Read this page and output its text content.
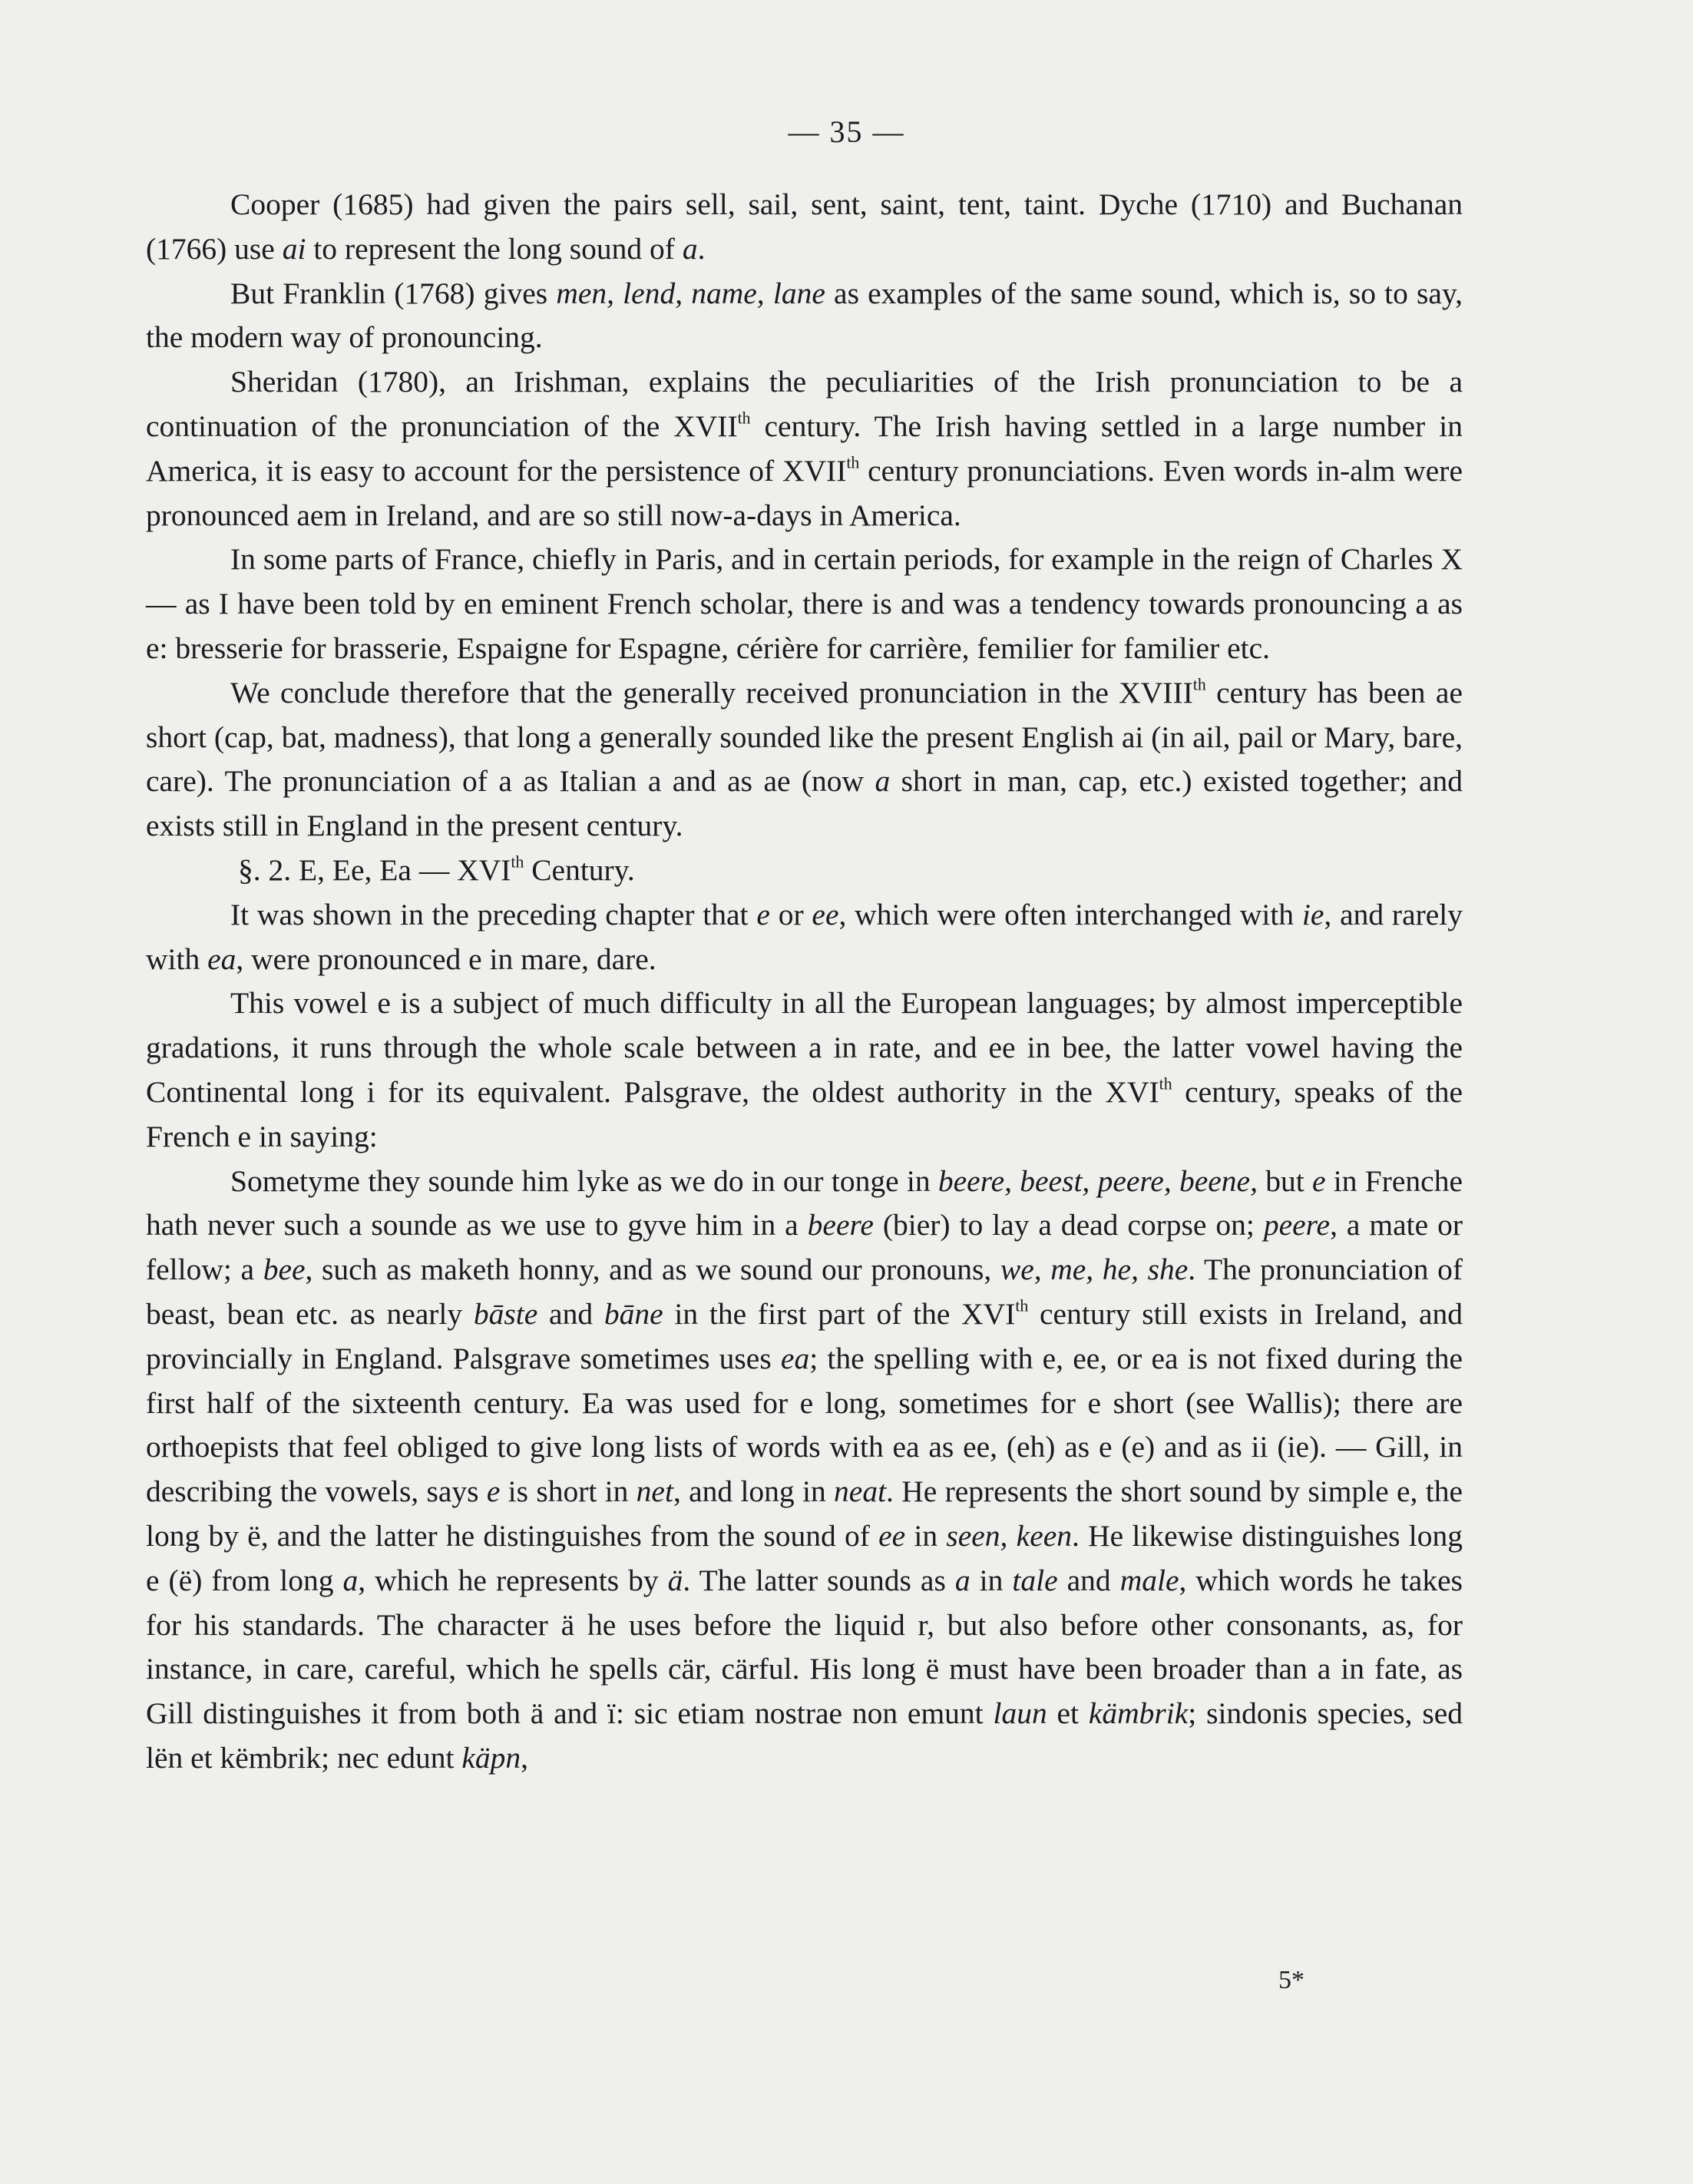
— 35 —

Cooper (1685) had given the pairs sell, sail, sent, saint, tent, taint. Dyche (1710) and Buchanan (1766) use ai to represent the long sound of a.

But Franklin (1768) gives men, lend, name, lane as examples of the same sound, which is, so to say, the modern way of pronouncing.

Sheridan (1780), an Irishman, explains the peculiarities of the Irish pronunciation to be a continuation of the pronunciation of the XVIIth century. The Irish having settled in a large number in America, it is easy to account for the persistence of XVIIth century pronunciations. Even words in-alm were pronounced aem in Ireland, and are so still now-a-days in America.

In some parts of France, chiefly in Paris, and in certain periods, for example in the reign of Charles X — as I have been told by en eminent French scholar, there is and was a tendency towards pronouncing a as e: bresserie for brasserie, Espaigne for Espagne, cérière for carrière, femilier for familier etc.

We conclude therefore that the generally received pronunciation in the XVIIIth century has been ae short (cap, bat, madness), that long a generally sounded like the present English ai (in ail, pail or Mary, bare, care). The pronunciation of a as Italian a and as ae (now a short in man, cap, etc.) existed together; and exists still in England in the present century.

§. 2. E, Ee, Ea — XVIth Century.

It was shown in the preceding chapter that e or ee, which were often interchanged with ie, and rarely with ea, were pronounced e in mare, dare.

This vowel e is a subject of much difficulty in all the European languages; by almost imperceptible gradations, it runs through the whole scale between a in rate, and ee in bee, the latter vowel having the Continental long i for its equivalent. Palsgrave, the oldest authority in the XVIth century, speaks of the French e in saying:

Sometyme they sounde him lyke as we do in our tonge in beere, beest, peere, beene, but e in Frenche hath never such a sounde as we use to gyve him in a beere (bier) to lay a dead corpse on; peere, a mate or fellow; a bee, such as maketh honny, and as we sound our pronouns, we, me, he, she. The pronunciation of beast, bean etc. as nearly bāste and bāne in the first part of the XVIth century still exists in Ireland, and provincially in England. Palsgrave sometimes uses ea; the spelling with e, ee, or ea is not fixed during the first half of the sixteenth century. Ea was used for e long, sometimes for e short (see Wallis); there are orthoepists that feel obliged to give long lists of words with ea as ee, (eh) as e (e) and as ii (ie). — Gill, in describing the vowels, says e is short in net, and long in neat. He represents the short sound by simple e, the long by ë, and the latter he distinguishes from the sound of ee in seen, keen. He likewise distinguishes long e (ë) from long a, which he represents by ä. The latter sounds as a in tale and male, which words he takes for his standards. The character ä he uses before the liquid r, but also before other consonants, as, for instance, in care, careful, which he spells cär, cärful. His long ë must have been broader than a in fate, as Gill distinguishes it from both ä and ï: sic etiam nostrae non emunt laun et kämbrik; sindonis species, sed lën et këmbrik; nec edunt käpn,

5*
